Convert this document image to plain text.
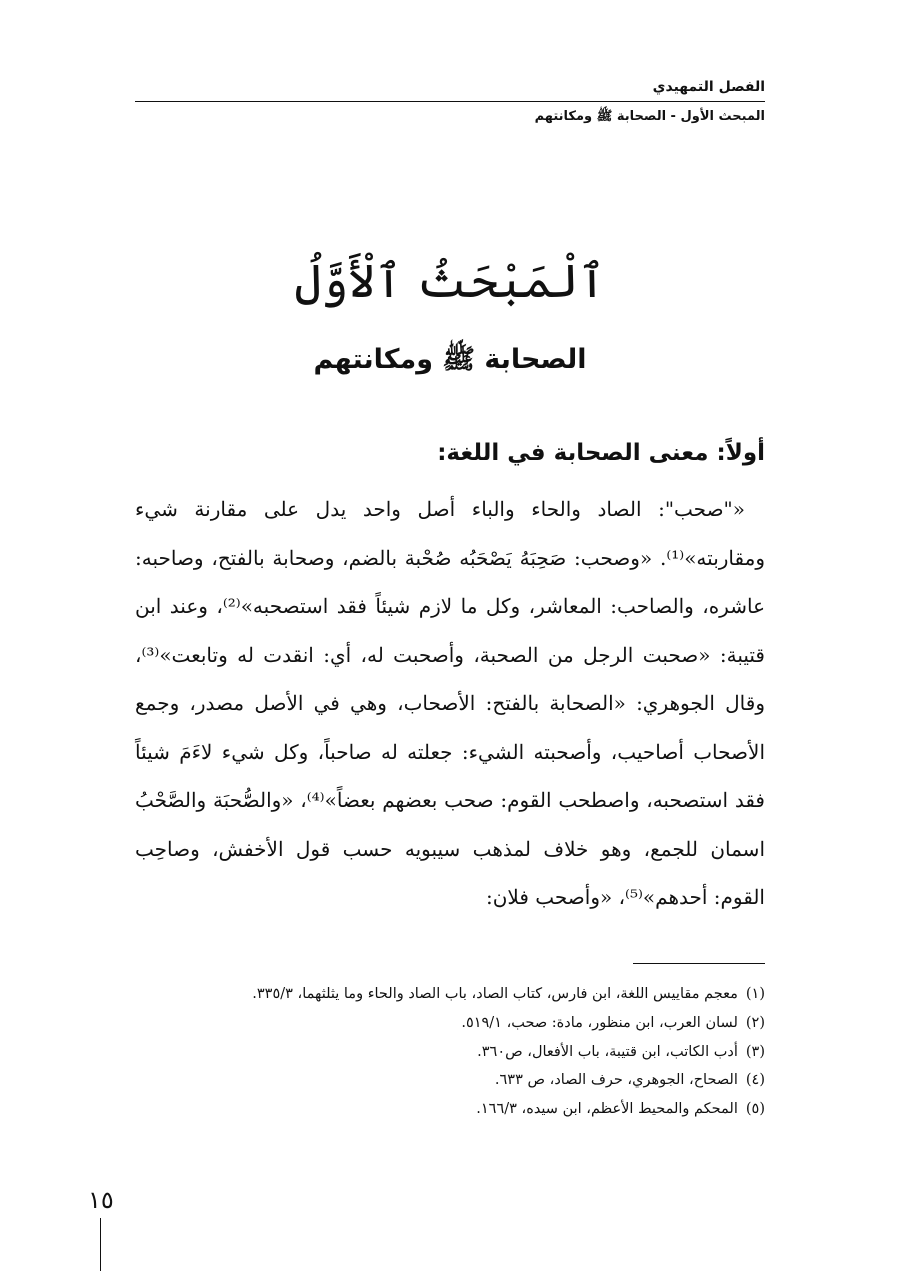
الفصل التمهيدي
المبحث الأول - الصحابة ﷺ ومكانتهم
ٱلْمَبْحَثُ ٱلْأَوَّلُ
الصحابة ﷺ ومكانتهم
أولاً: معنى الصحابة في اللغة:

«"صحب": الصاد والحاء والباء أصل واحد يدل على مقارنة شيء ومقاربته»⁽¹⁾. «وصحب: صَحِبَهُ يَصْحَبُه صُحْبة بالضم، وصحابة بالفتح، وصاحبه: عاشره، والصاحب: المعاشر، وكل ما لازم شيئاً فقد استصحبه»⁽²⁾، وعند ابن قتيبة: «صحبت الرجل من الصحبة، وأصحبت له، أي: انقدت له وتابعت»⁽³⁾، وقال الجوهري: «الصحابة بالفتح: الأصحاب، وهي في الأصل مصدر، وجمع الأصحاب أصاحيب، وأصحبته الشيء: جعلته له صاحباً، وكل شيء لاءَمَ شيئاً فقد استصحبه، واصطحب القوم: صحب بعضهم بعضاً»⁽⁴⁾، «والصُّحبَة والصَّحْبُ اسمان للجمع، وهو خلاف لمذهب سيبويه حسب قول الأخفش، وصاحِب القوم: أحدهم»⁽⁵⁾، «وأصحب فلان:

(١)معجم مقاييس اللغة، ابن فارس، كتاب الصاد، باب الصاد والحاء وما يثلثهما، ٣٣٥/٣.
(٢)لسان العرب، ابن منظور، مادة: صحب، ٥١٩/١.
(٣)أدب الكاتب، ابن قتيبة، باب الأفعال، ص٣٦٠.
(٤)الصحاح، الجوهري، حرف الصاد، ص ٦٣٣.
(٥)المحكم والمحيط الأعظم، ابن سيده، ١٦٦/٣.
١٥
